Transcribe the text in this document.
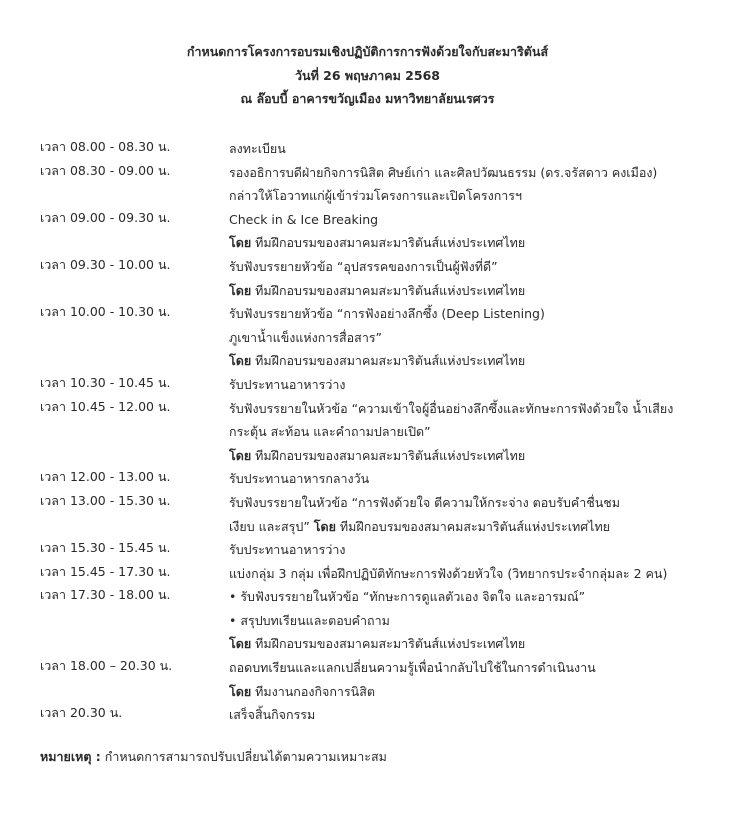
กำหนดการโครงการอบรมเชิงปฏิบัติการการฟังด้วยใจกับสะมาริตันส์
วันที่ 26 พฤษภาคม 2568
ณ ล๊อบบี้ อาคารขวัญเมือง มหาวิทยาลัยนเรศวร
เวลา 08.00 - 08.30 น.	ลงทะเบียน
เวลา 08.30 - 09.00 น.	รองอธิการบดีฝ่ายกิจการนิสิต ศิษย์เก่า และศิลปวัฒนธรรม (ดร.จรัสดาว คงเมือง)
กล่าวให้โอวาทแก่ผู้เข้าร่วมโครงการและเปิดโครงการฯ
เวลา 09.00 - 09.30 น.	Check in & Ice Breaking
โดย ทีมฝึกอบรมของสมาคมสะมาริตันส์แห่งประเทศไทย
เวลา 09.30 - 10.00 น.	รับฟังบรรยายหัวข้อ “อุปสรรคของการเป็นผู้ฟังที่ดี”
โดย ทีมฝึกอบรมของสมาคมสะมาริตันส์แห่งประเทศไทย
เวลา 10.00 - 10.30 น.	รับฟังบรรยายหัวข้อ “การฟังอย่างลึกซึ้ง (Deep Listening)
ภูเขาน้ำแข็งแห่งการสื่อสาร”
โดย ทีมฝึกอบรมของสมาคมสะมาริตันส์แห่งประเทศไทย
เวลา 10.30 - 10.45 น.	รับประทานอาหารว่าง
เวลา 10.45 - 12.00 น.	รับฟังบรรยายในหัวข้อ “ความเข้าใจผู้อื่นอย่างลึกซึ้งและทักษะการฟังด้วยใจ น้ำเสียง
กระตุ้น สะท้อน และคำถามปลายเปิด”
โดย ทีมฝึกอบรมของสมาคมสะมาริตันส์แห่งประเทศไทย
เวลา 12.00 - 13.00 น.	รับประทานอาหารกลางวัน
เวลา 13.00 - 15.30 น.	รับฟังบรรยายในหัวข้อ “การฟังด้วยใจ ตีความให้กระจ่าง ตอบรับคำชื่นชม
เงียบ และสรุป” โดย ทีมฝึกอบรมของสมาคมสะมาริตันส์แห่งประเทศไทย
เวลา 15.30 - 15.45 น.	รับประทานอาหารว่าง
เวลา 15.45 - 17.30 น.	แบ่งกลุ่ม 3 กลุ่ม เพื่อฝึกปฏิบัติทักษะการฟังด้วยหัวใจ (วิทยากรประจำกลุ่มละ 2 คน)
เวลา 17.30 - 18.00 น.	• รับฟังบรรยายในหัวข้อ “ทักษะการดูแลตัวเอง จิตใจ และอารมณ์”
• สรุปบทเรียนและตอบคำถาม
โดย ทีมฝึกอบรมของสมาคมสะมาริตันส์แห่งประเทศไทย
เวลา 18.00 – 20.30 น.	ถอดบทเรียนและแลกเปลี่ยนความรู้เพื่อนำกลับไปใช้ในการดำเนินงาน
โดย ทีมงานกองกิจการนิสิต
เวลา 20.30 น.	เสร็จสิ้นกิจกรรม
หมายเหตุ : กำหนดการสามารถปรับเปลี่ยนได้ตามความเหมาะสม
